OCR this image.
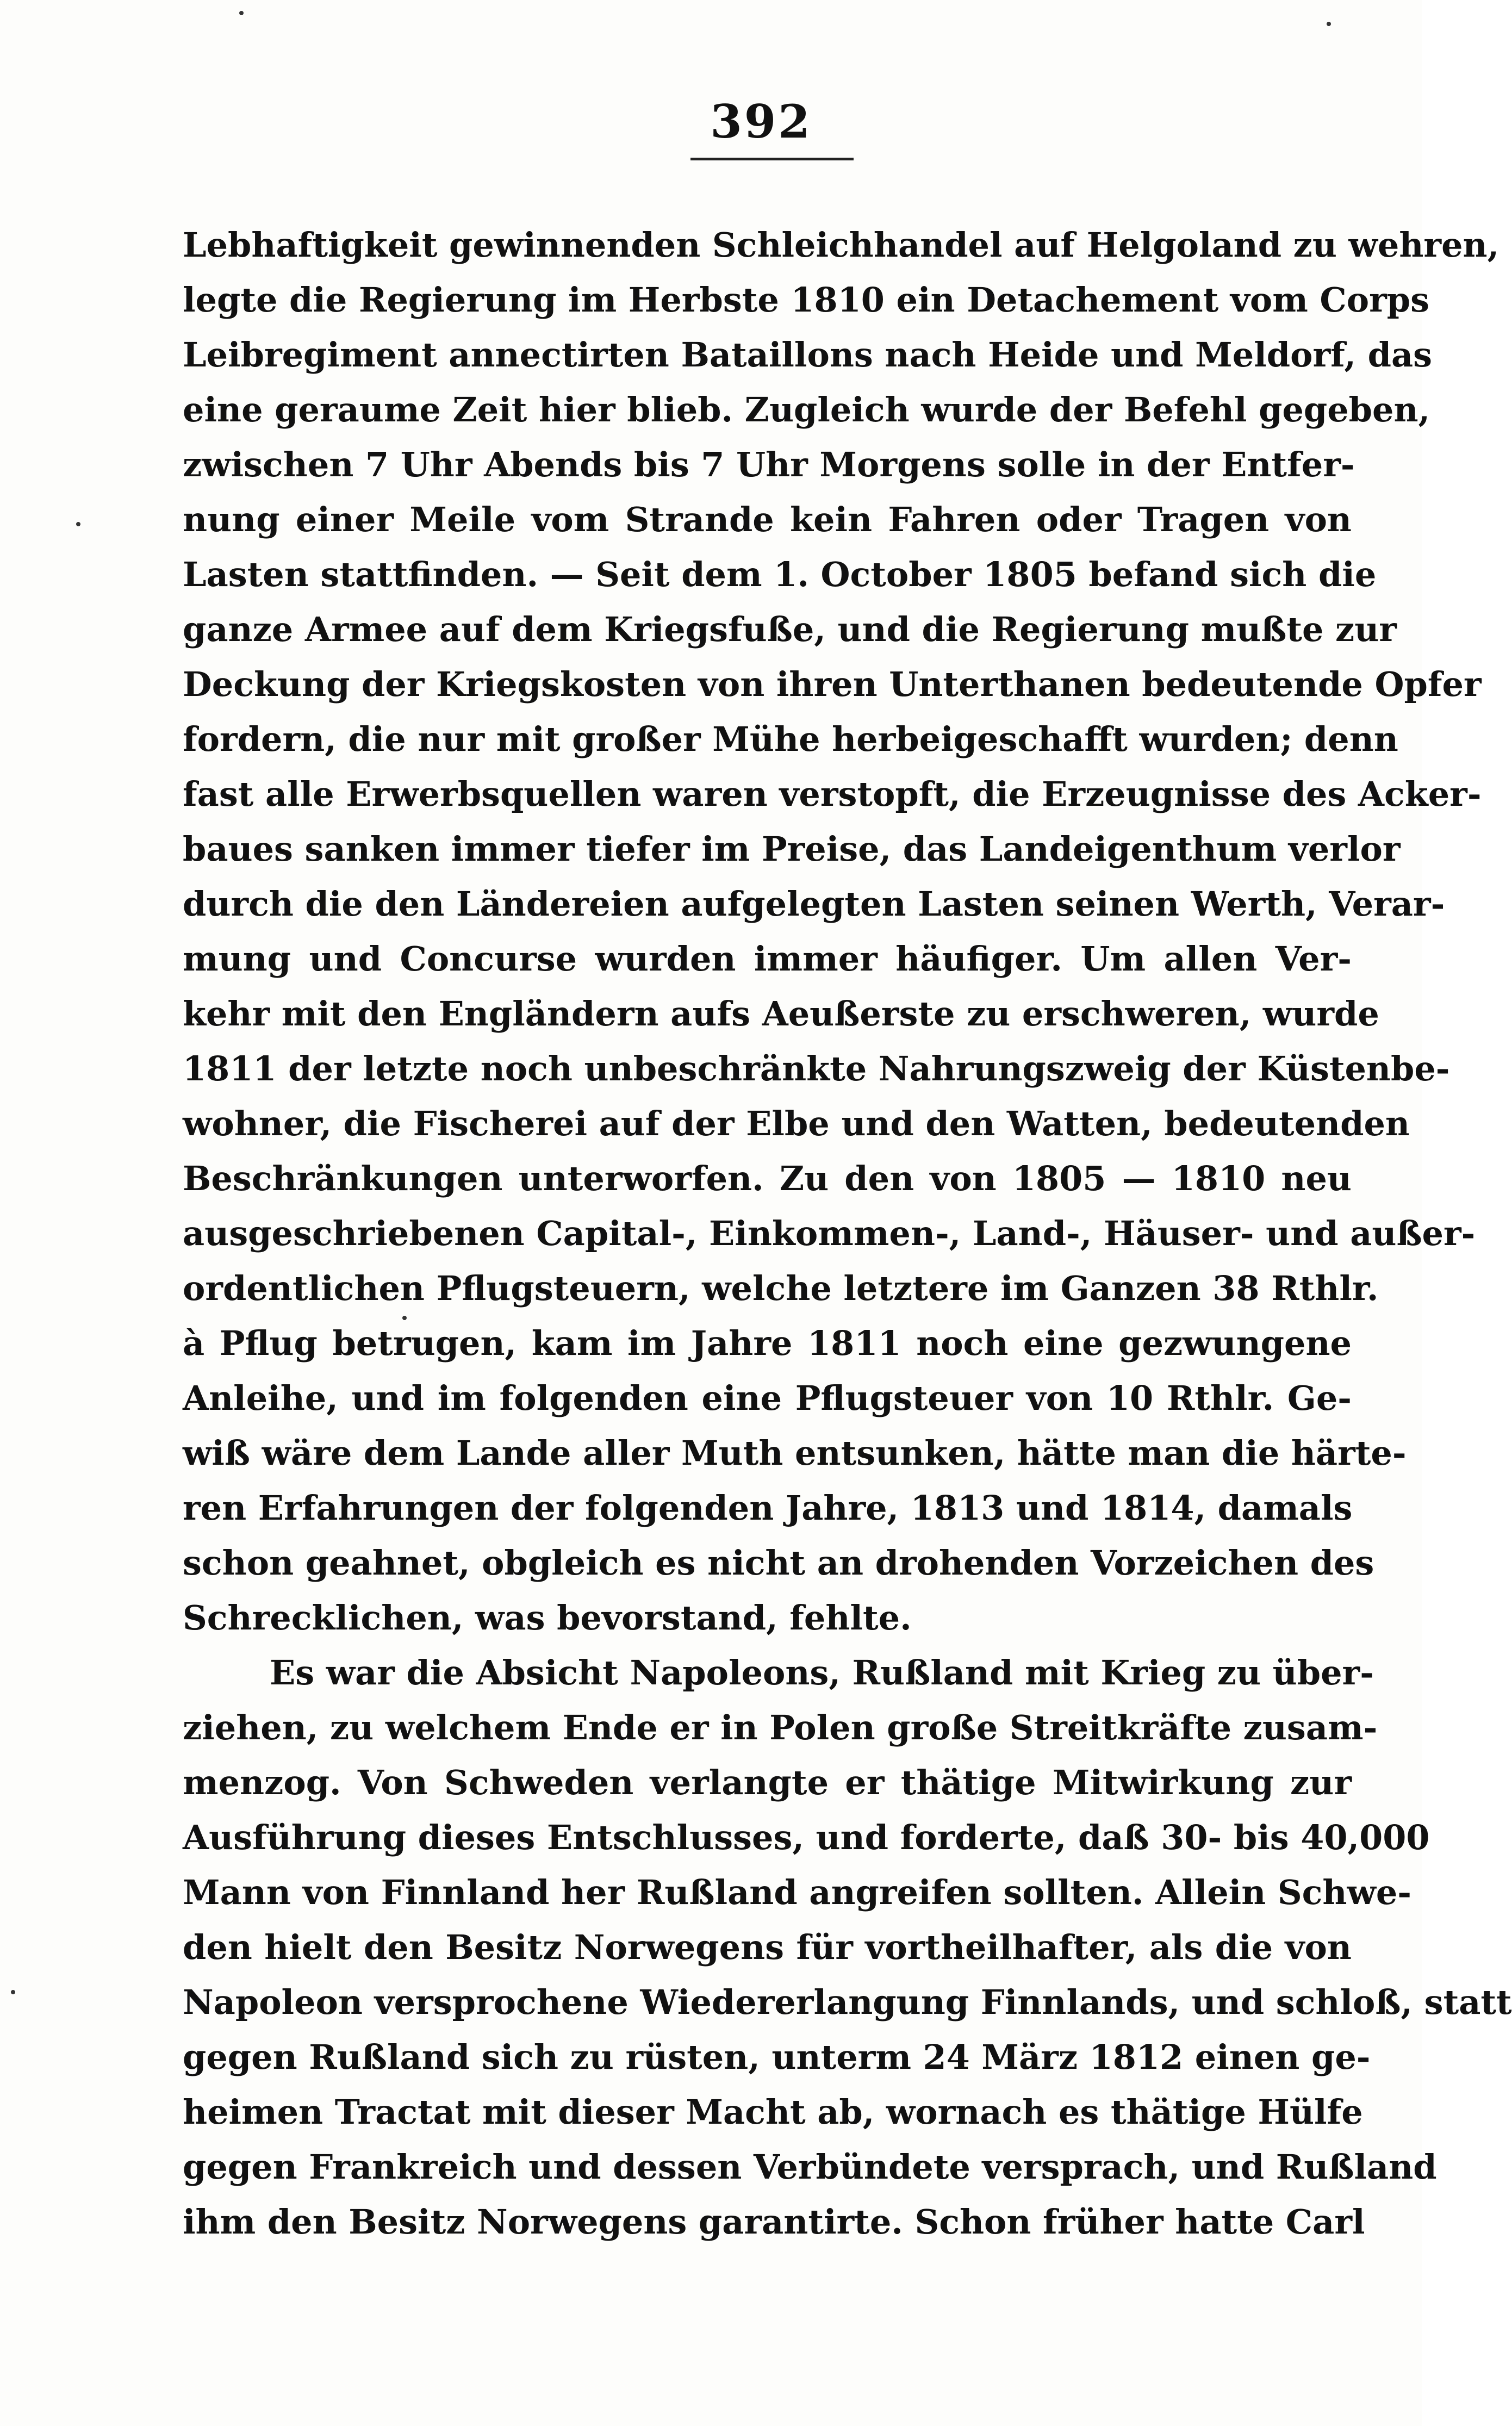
392
Lebhaftigkeit gewinnenden Schleichhandel auf Helgoland zu wehren,
legte die Regierung im Herbste 1810 ein Detachement vom Corps
Leibregiment annectirten Bataillons nach Heide und Meldorf, das
eine geraume Zeit hier blieb. Zugleich wurde der Befehl gegeben,
zwischen 7 Uhr Abends bis 7 Uhr Morgens solle in der Entfer-
nung einer Meile vom Strande kein Fahren oder Tragen von
Lasten stattfinden. — Seit dem 1. October 1805 befand sich die
ganze Armee auf dem Kriegsfuße, und die Regierung mußte zur
Deckung der Kriegskosten von ihren Unterthanen bedeutende Opfer
fordern, die nur mit großer Mühe herbeigeschafft wurden; denn
fast alle Erwerbsquellen waren verstopft, die Erzeugnisse des Acker-
baues sanken immer tiefer im Preise, das Landeigenthum verlor
durch die den Ländereien aufgelegten Lasten seinen Werth, Verar-
mung und Concurse wurden immer häufiger. Um allen Ver-
kehr mit den Engländern aufs Aeußerste zu erschweren, wurde
1811 der letzte noch unbeschränkte Nahrungszweig der Küstenbe-
wohner, die Fischerei auf der Elbe und den Watten, bedeutenden
Beschränkungen unterworfen. Zu den von 1805 — 1810 neu
ausgeschriebenen Capital-, Einkommen-, Land-, Häuser- und außer-
ordentlichen Pflugsteuern, welche letztere im Ganzen 38 Rthlr.
à Pflug betrugen, kam im Jahre 1811 noch eine gezwungene
Anleihe, und im folgenden eine Pflugsteuer von 10 Rthlr. Ge-
wiß wäre dem Lande aller Muth entsunken, hätte man die härte-
ren Erfahrungen der folgenden Jahre, 1813 und 1814, damals
schon geahnet, obgleich es nicht an drohenden Vorzeichen des
Schrecklichen, was bevorstand, fehlte.
Es war die Absicht Napoleons, Rußland mit Krieg zu über-
ziehen, zu welchem Ende er in Polen große Streitkräfte zusam-
menzog. Von Schweden verlangte er thätige Mitwirkung zur
Ausführung dieses Entschlusses, und forderte, daß 30- bis 40,000
Mann von Finnland her Rußland angreifen sollten. Allein Schwe-
den hielt den Besitz Norwegens für vortheilhafter, als die von
Napoleon versprochene Wiedererlangung Finnlands, und schloß, statt
gegen Rußland sich zu rüsten, unterm 24 März 1812 einen ge-
heimen Tractat mit dieser Macht ab, wornach es thätige Hülfe
gegen Frankreich und dessen Verbündete versprach, und Rußland
ihm den Besitz Norwegens garantirte. Schon früher hatte Carl
